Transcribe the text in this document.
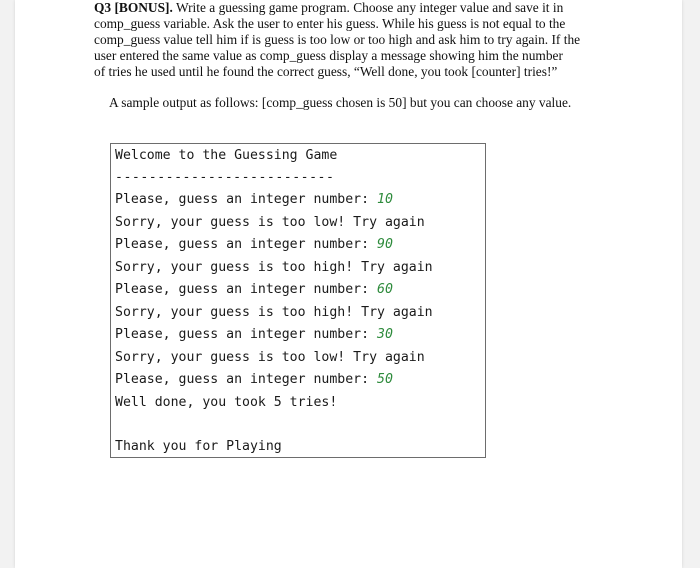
Q3 [BONUS]. Write a guessing game program. Choose any integer value and save it in

comp_guess variable. Ask the user to enter his guess. While his guess is not equal to the

comp_guess value tell him if is guess is too low or too high and ask him to try again. If the

user entered the same value as comp_guess display a message showing him the number

of tries he used until he found the correct guess, “Well done, you took [counter] tries!”

A sample output as follows: [comp_guess chosen is 50] but you can choose any value.
Welcome to the Guessing Game
--------------------------
Please, guess an integer number: 10
Sorry, your guess is too low! Try again
Please, guess an integer number: 90
Sorry, your guess is too high! Try again
Please, guess an integer number: 60
Sorry, your guess is too high! Try again
Please, guess an integer number: 30
Sorry, your guess is too low! Try again
Please, guess an integer number: 50
Well done, you took 5 tries!
Thank you for Playing
